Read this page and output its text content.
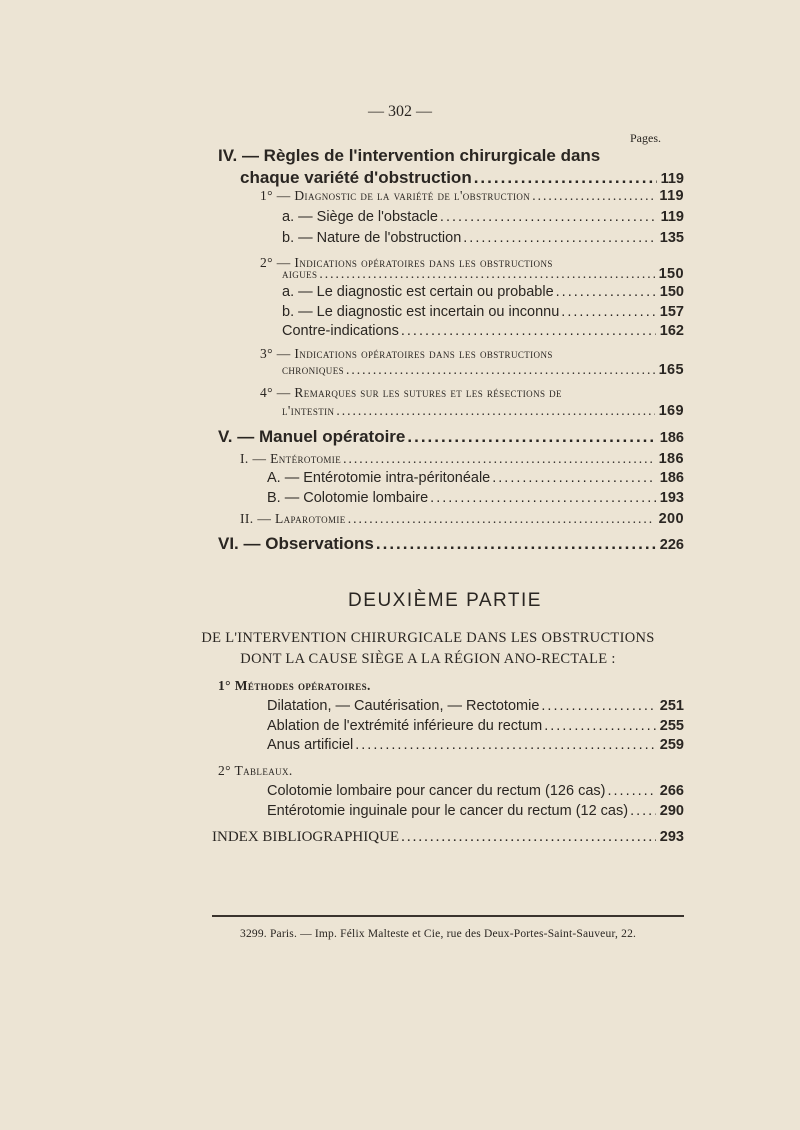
— 302 —
Pages.
IV. — Règles de l'intervention chirurgicale dans
chaque variété d'obstruction .....	119
1° — Diagnostic de la variété de l'obstruction .....	119
a. — Siège de l'obstacle .....	119
b. — Nature de l'obstruction .....	135
2° — Indications opératoires dans les obstructions
aigues .....	150
a. — Le diagnostic est certain ou probable .....	150
b. — Le diagnostic est incertain ou inconnu .....	157
Contre-indications .....	162
3° — Indications opératoires dans les obstructions
chroniques .....	165
4° — Remarques sur les sutures et les résections de
l'intestin .....	169
V. — Manuel opératoire .....	186
I. — Entérotomie .....	186
A. — Entérotomie intra-péritonéale .....	186
B. — Colotomie lombaire .....	193
II. — Laparotomie .....	200
VI. — Observations .....	226
DEUXIÈME PARTIE
DE L'INTERVENTION CHIRURGICALE DANS LES OBSTRUCTIONS
DONT LA CAUSE SIÈGE A LA RÉGION ANO-RECTALE :
1° Méthodes opératoires.
Dilatation, — Cautérisation, — Rectotomie .....	251
Ablation de l'extrémité inférieure du rectum .....	255
Anus artificiel .....	259
2° Tableaux.
Colotomie lombaire pour cancer du rectum (126 cas) .....	266
Entérotomie inguinale pour le cancer du rectum (12 cas) ..... 290
INDEX BIBLIOGRAPHIQUE .....	293
3299. Paris. — Imp. Félix Malteste et Cie, rue des Deux-Portes-Saint-Sauveur, 22.
